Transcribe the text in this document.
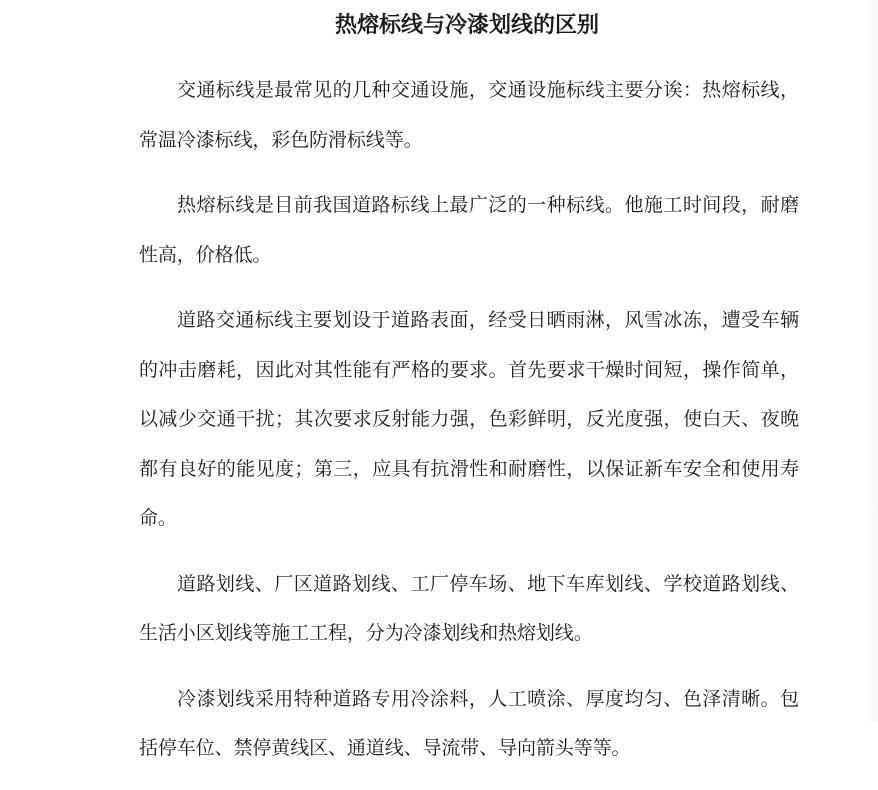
热熔标线与冷漆划线的区别

交通标线是最常见的几种交通设施，交通设施标线主要分诶：热熔标线，常温冷漆标线，彩色防滑标线等。

热熔标线是目前我国道路标线上最广泛的一种标线。他施工时间段，耐磨性高，价格低。

道路交通标线主要划设于道路表面，经受日晒雨淋，风雪冰冻，遭受车辆的冲击磨耗，因此对其性能有严格的要求。首先要求干燥时间短，操作简单，以减少交通干扰；其次要求反射能力强，色彩鲜明，反光度强，使白天、夜晚都有良好的能见度；第三，应具有抗滑性和耐磨性，以保证新车安全和使用寿命。

道路划线、厂区道路划线、工厂停车场、地下车库划线、学校道路划线、生活小区划线等施工工程，分为冷漆划线和热熔划线。

冷漆划线采用特种道路专用冷涂料，人工喷涂、厚度均匀、色泽清晰。包括停车位、禁停黄线区、通道线、导流带、导向箭头等等。
